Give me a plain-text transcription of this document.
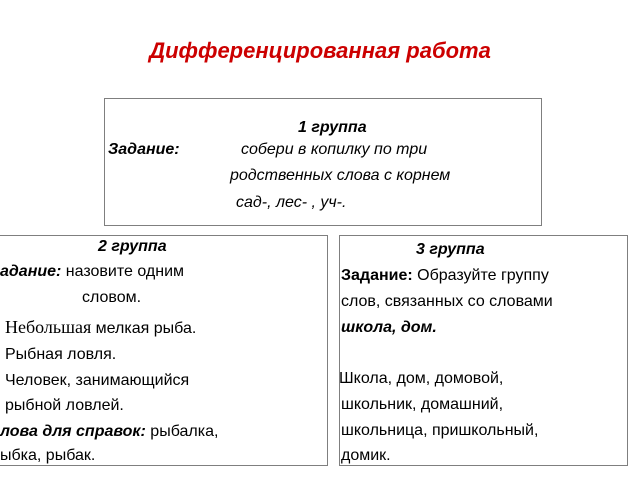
Дифференцированная работа

1 группа

Задание:	собери в копилку по три

родственных слова с корнем

сад-, лес- , уч-.

2 группа

адание: назовите одним

словом.

Небольшая мелкая рыба.

Рыбная ловля.

Человек, занимающийся

рыбной ловлей.

лова для справок: рыбалка,

ыбка, рыбак.

3 группа

Задание: Образуйте группу

слов, связанных со словами

школа, дом.

Школа, дом, домовой,

школьник, домашний,

школьница, пришкольный,

домик.
